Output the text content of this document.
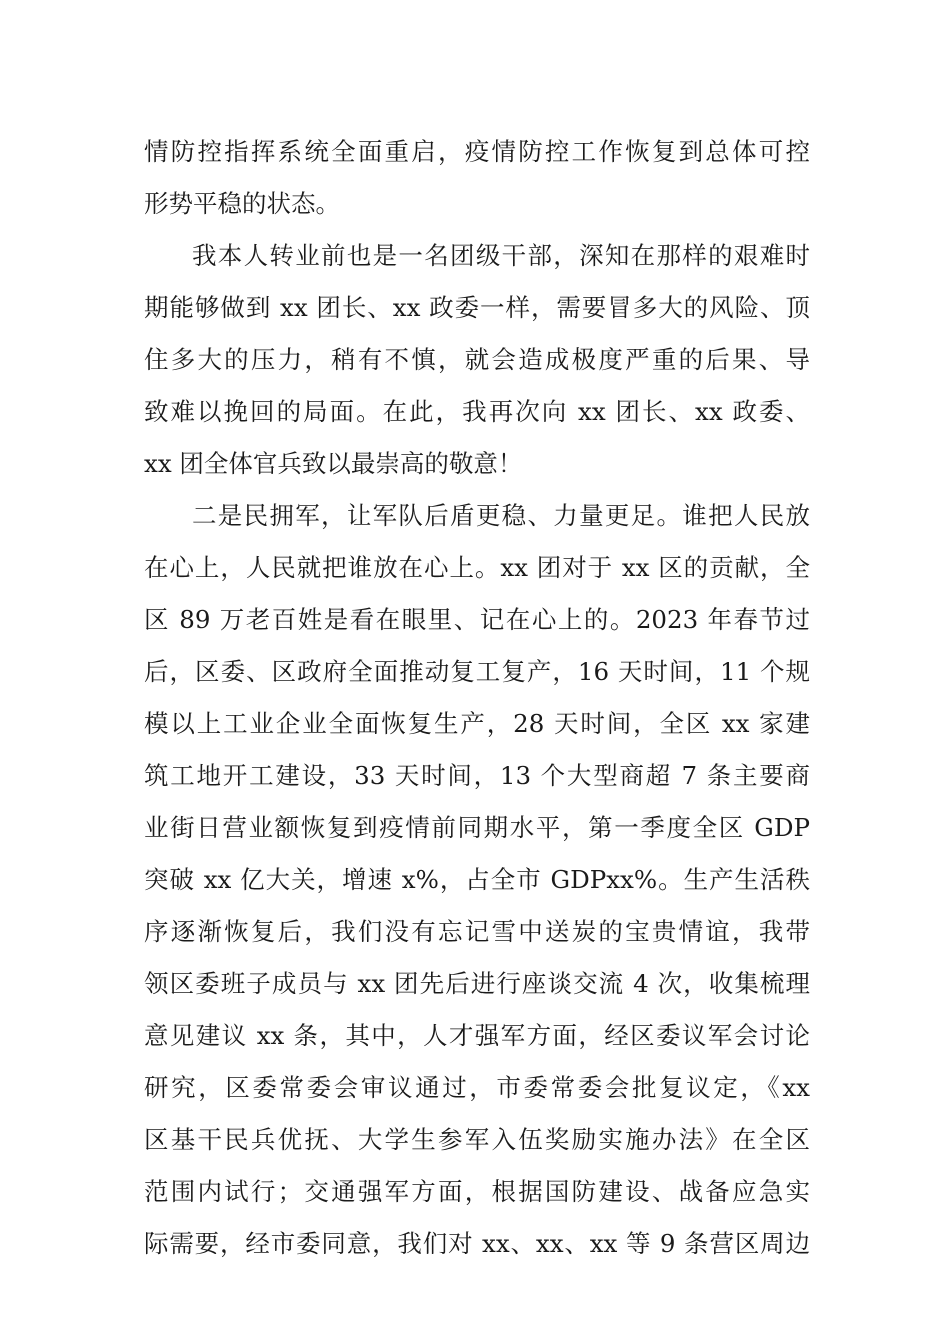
情防控指挥系统全面重启，疫情防控工作恢复到总体可控
形势平稳的状态。
我本人转业前也是一名团级干部，深知在那样的艰难时
期能够做到 xx 团长、xx 政委一样，需要冒多大的风险、顶
住多大的压力，稍有不慎，就会造成极度严重的后果、导
致难以挽回的局面。在此，我再次向 xx 团长、xx 政委、
xx 团全体官兵致以最崇高的敬意！
二是民拥军，让军队后盾更稳、力量更足。谁把人民放
在心上，人民就把谁放在心上。xx 团对于 xx 区的贡献，全
区 89 万老百姓是看在眼里、记在心上的。2023 年春节过
后，区委、区政府全面推动复工复产，16 天时间，11 个规
模以上工业企业全面恢复生产，28 天时间，全区 xx 家建
筑工地开工建设，33 天时间，13 个大型商超 7 条主要商
业街日营业额恢复到疫情前同期水平，第一季度全区 GDP
突破 xx 亿大关，增速 x%，占全市 GDPxx%。生产生活秩
序逐渐恢复后，我们没有忘记雪中送炭的宝贵情谊，我带
领区委班子成员与 xx 团先后进行座谈交流 4 次，收集梳理
意见建议 xx 条，其中，人才强军方面，经区委议军会讨论
研究，区委常委会审议通过，市委常委会批复议定，《xx
区基干民兵优抚、大学生参军入伍奖励实施办法》在全区
范围内试行；交通强军方面，根据国防建设、战备应急实
际需要，经市委同意，我们对 xx、xx、xx 等 9 条营区周边
